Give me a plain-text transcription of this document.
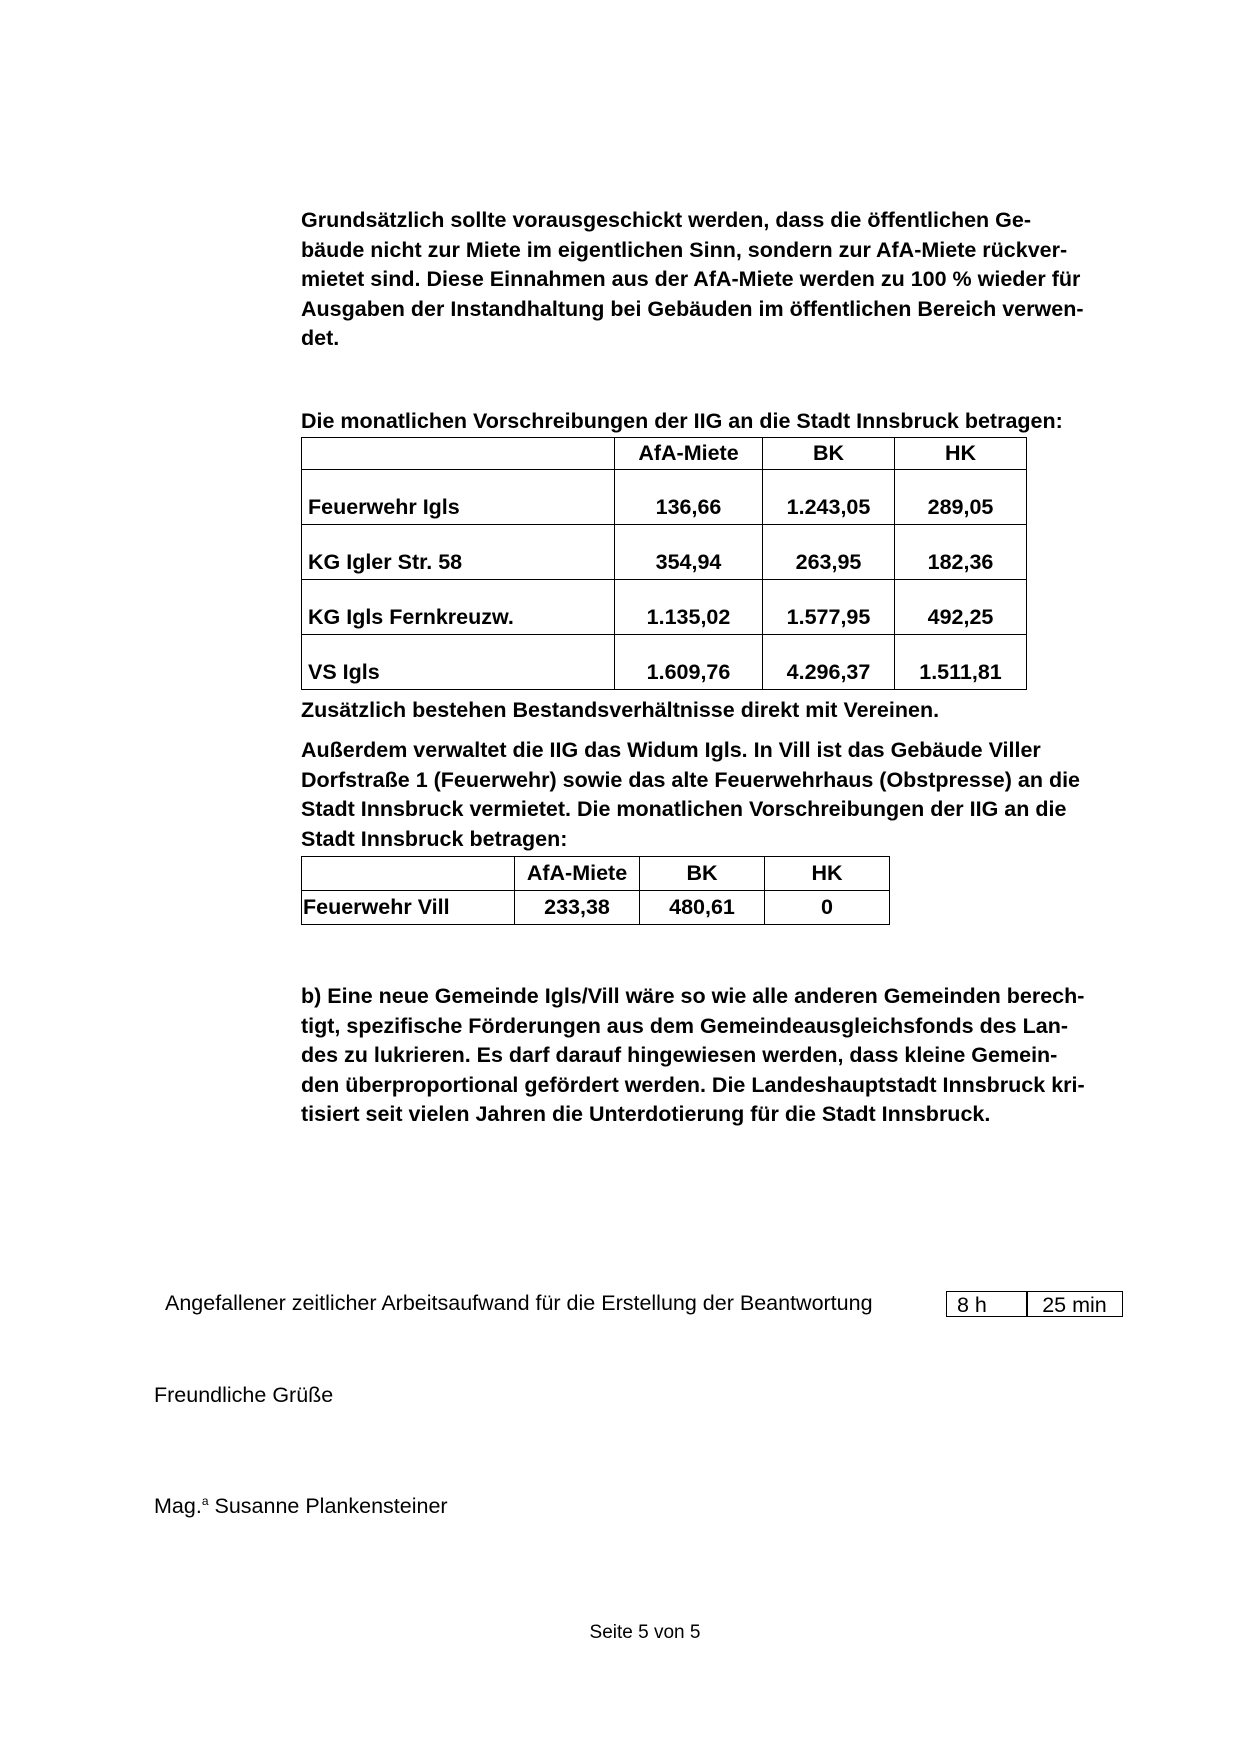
Grundsätzlich sollte vorausgeschickt werden, dass die öffentlichen Ge-
bäude nicht zur Miete im eigentlichen Sinn, sondern zur AfA-Miete rückver-
mietet sind. Diese Einnahmen aus der AfA-Miete werden zu 100 % wieder für
Ausgaben der Instandhaltung bei Gebäuden im öffentlichen Bereich verwen-
det.
Die monatlichen Vorschreibungen der IIG an die Stadt Innsbruck betragen:
	AfA-Miete	BK	HK
Feuerwehr Igls	136,66	1.243,05	289,05
KG Igler Str. 58	354,94	263,95	182,36
KG Igls Fernkreuzw.	1.135,02	1.577,95	492,25
VS Igls	1.609,76	4.296,37	1.511,81
Zusätzlich bestehen Bestandsverhältnisse direkt mit Vereinen.
Außerdem verwaltet die IIG das Widum Igls. In Vill ist das Gebäude Viller
Dorfstraße 1 (Feuerwehr) sowie das alte Feuerwehrhaus (Obstpresse) an die
Stadt Innsbruck vermietet. Die monatlichen Vorschreibungen der IIG an die
Stadt Innsbruck betragen:
	AfA-Miete	BK	HK
Feuerwehr Vill	233,38	480,61	0
b) Eine neue Gemeinde Igls/Vill wäre so wie alle anderen Gemeinden berech-
tigt, spezifische Förderungen aus dem Gemeindeausgleichsfonds des Lan-
des zu lukrieren. Es darf darauf hingewiesen werden, dass kleine Gemein-
den überproportional gefördert werden. Die Landeshauptstadt Innsbruck kri-
tisiert seit vielen Jahren die Unterdotierung für die Stadt Innsbruck.
Angefallener zeitlicher Arbeitsaufwand für die Erstellung der Beantwortung	8 h	25 min
Freundliche Grüße
Mag.$^a$ Susanne Plankensteiner
Seite 5 von 5
